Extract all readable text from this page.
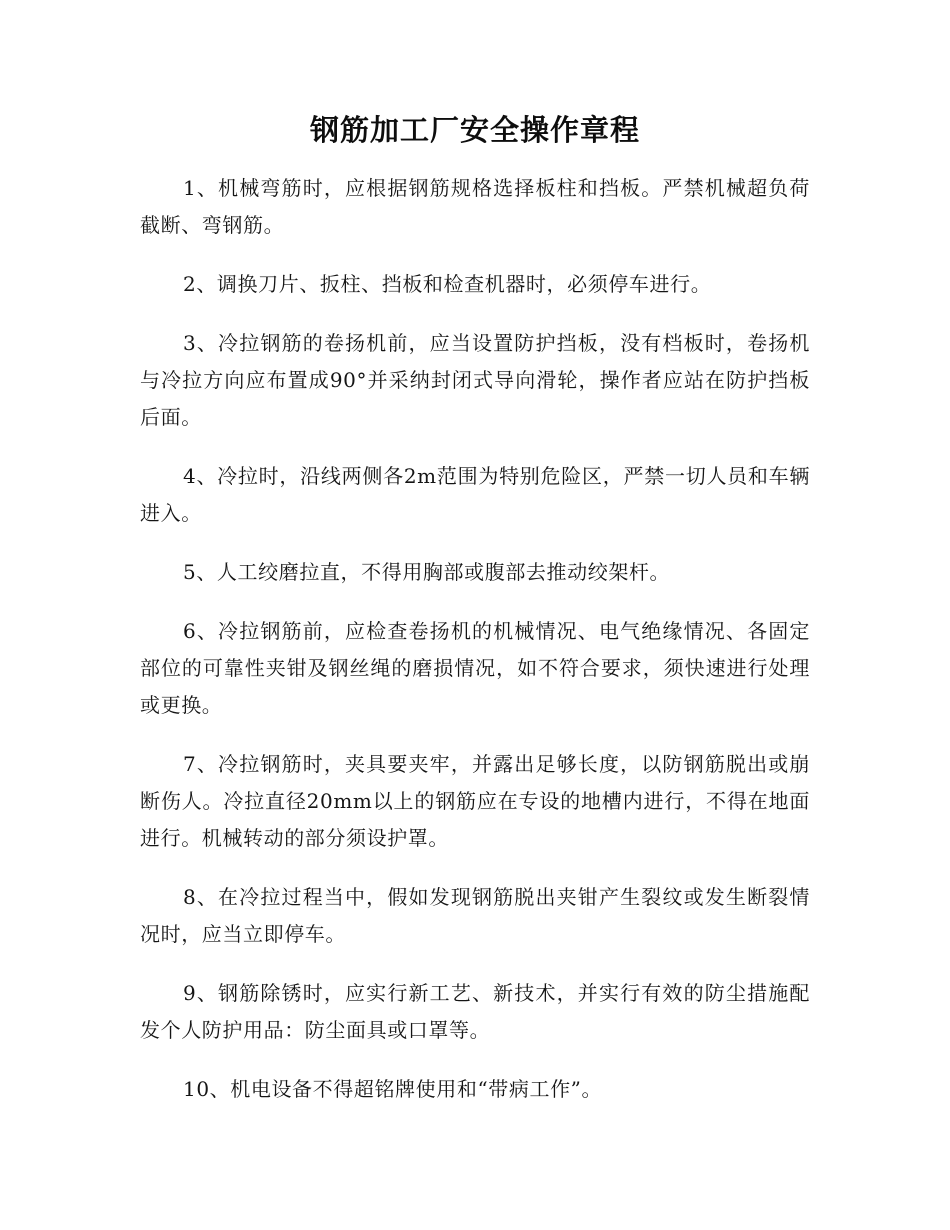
钢筋加工厂安全操作章程

1、机械弯筋时，应根据钢筋规格选择板柱和挡板。严禁机械超负荷截断、弯钢筋。

2、调换刀片、扳柱、挡板和检查机器时，必须停车进行。

3、冷拉钢筋的卷扬机前，应当设置防护挡板，没有档板时，卷扬机与冷拉方向应布置成90°并采纳封闭式导向滑轮，操作者应站在防护挡板后面。

4、冷拉时，沿线两侧各2m范围为特别危险区，严禁一切人员和车辆进入。

5、人工绞磨拉直，不得用胸部或腹部去推动绞架杆。

6、冷拉钢筋前，应检查卷扬机的机械情况、电气绝缘情况、各固定部位的可靠性夹钳及钢丝绳的磨损情况，如不符合要求，须快速进行处理或更换。

7、冷拉钢筋时，夹具要夹牢，并露出足够长度，以防钢筋脱出或崩断伤人。冷拉直径20mm以上的钢筋应在专设的地槽内进行，不得在地面进行。机械转动的部分须设护罩。

8、在冷拉过程当中，假如发现钢筋脱出夹钳产生裂纹或发生断裂情况时，应当立即停车。

9、钢筋除锈时，应实行新工艺、新技术，并实行有效的防尘措施配发个人防护用品：防尘面具或口罩等。

10、机电设备不得超铭牌使用和“带病工作”。
